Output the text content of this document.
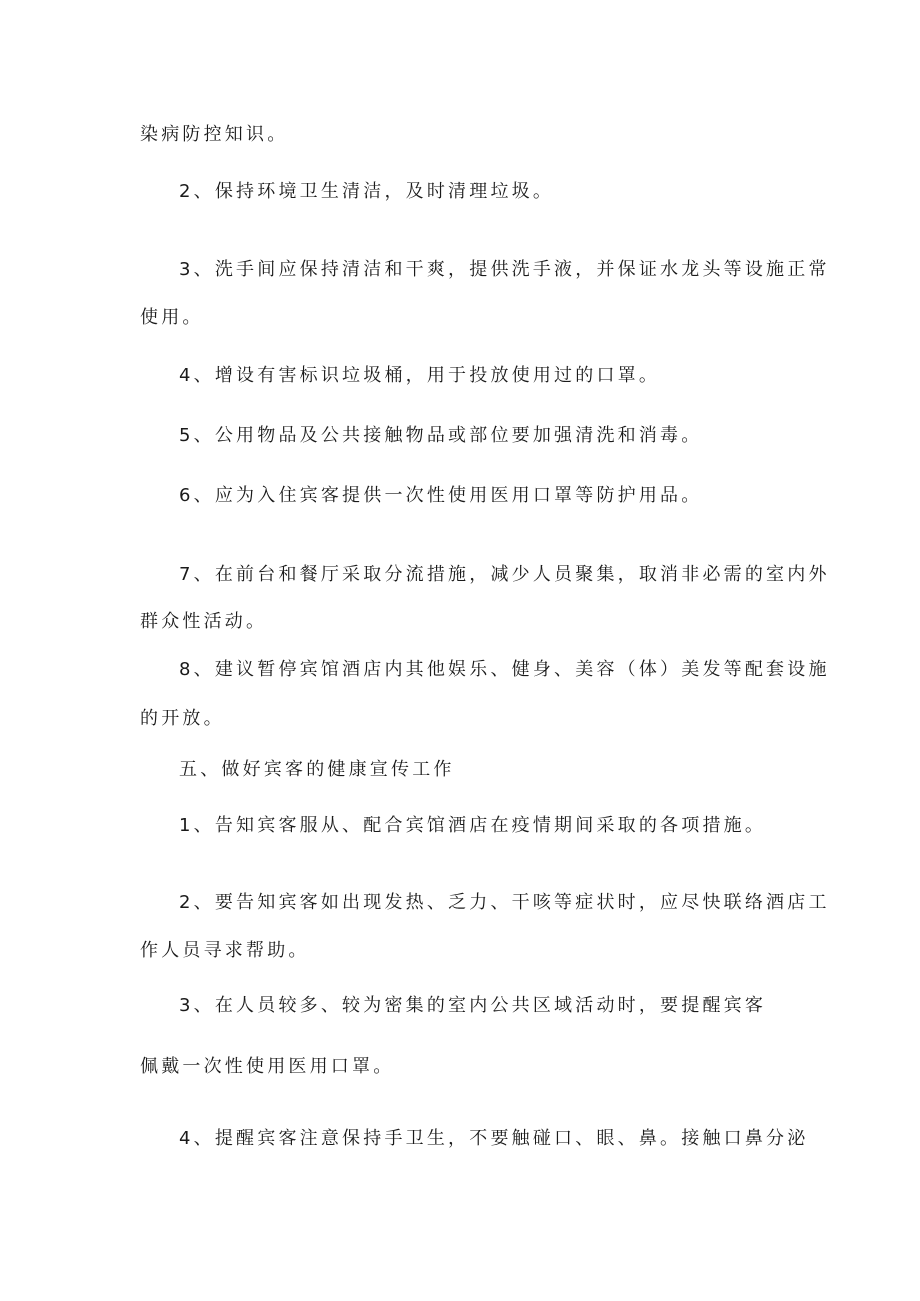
染病防控知识。
2、保持环境卫生清洁，及时清理垃圾。
3、洗手间应保持清洁和干爽，提供洗手液，并保证水龙头等设施正常
使用。
4、增设有害标识垃圾桶，用于投放使用过的口罩。
5、公用物品及公共接触物品或部位要加强清洗和消毒。
6、应为入住宾客提供一次性使用医用口罩等防护用品。
7、在前台和餐厅采取分流措施，减少人员聚集，取消非必需的室内外
群众性活动。
8、建议暂停宾馆酒店内其他娱乐、健身、美容（体）美发等配套设施
的开放。
五、做好宾客的健康宣传工作
1、告知宾客服从、配合宾馆酒店在疫情期间采取的各项措施。
2、要告知宾客如出现发热、乏力、干咳等症状时，应尽快联络酒店工
作人员寻求帮助。
3、在人员较多、较为密集的室内公共区域活动时，要提醒宾客
佩戴一次性使用医用口罩。
4、提醒宾客注意保持手卫生，不要触碰口、眼、鼻。接触口鼻分泌
